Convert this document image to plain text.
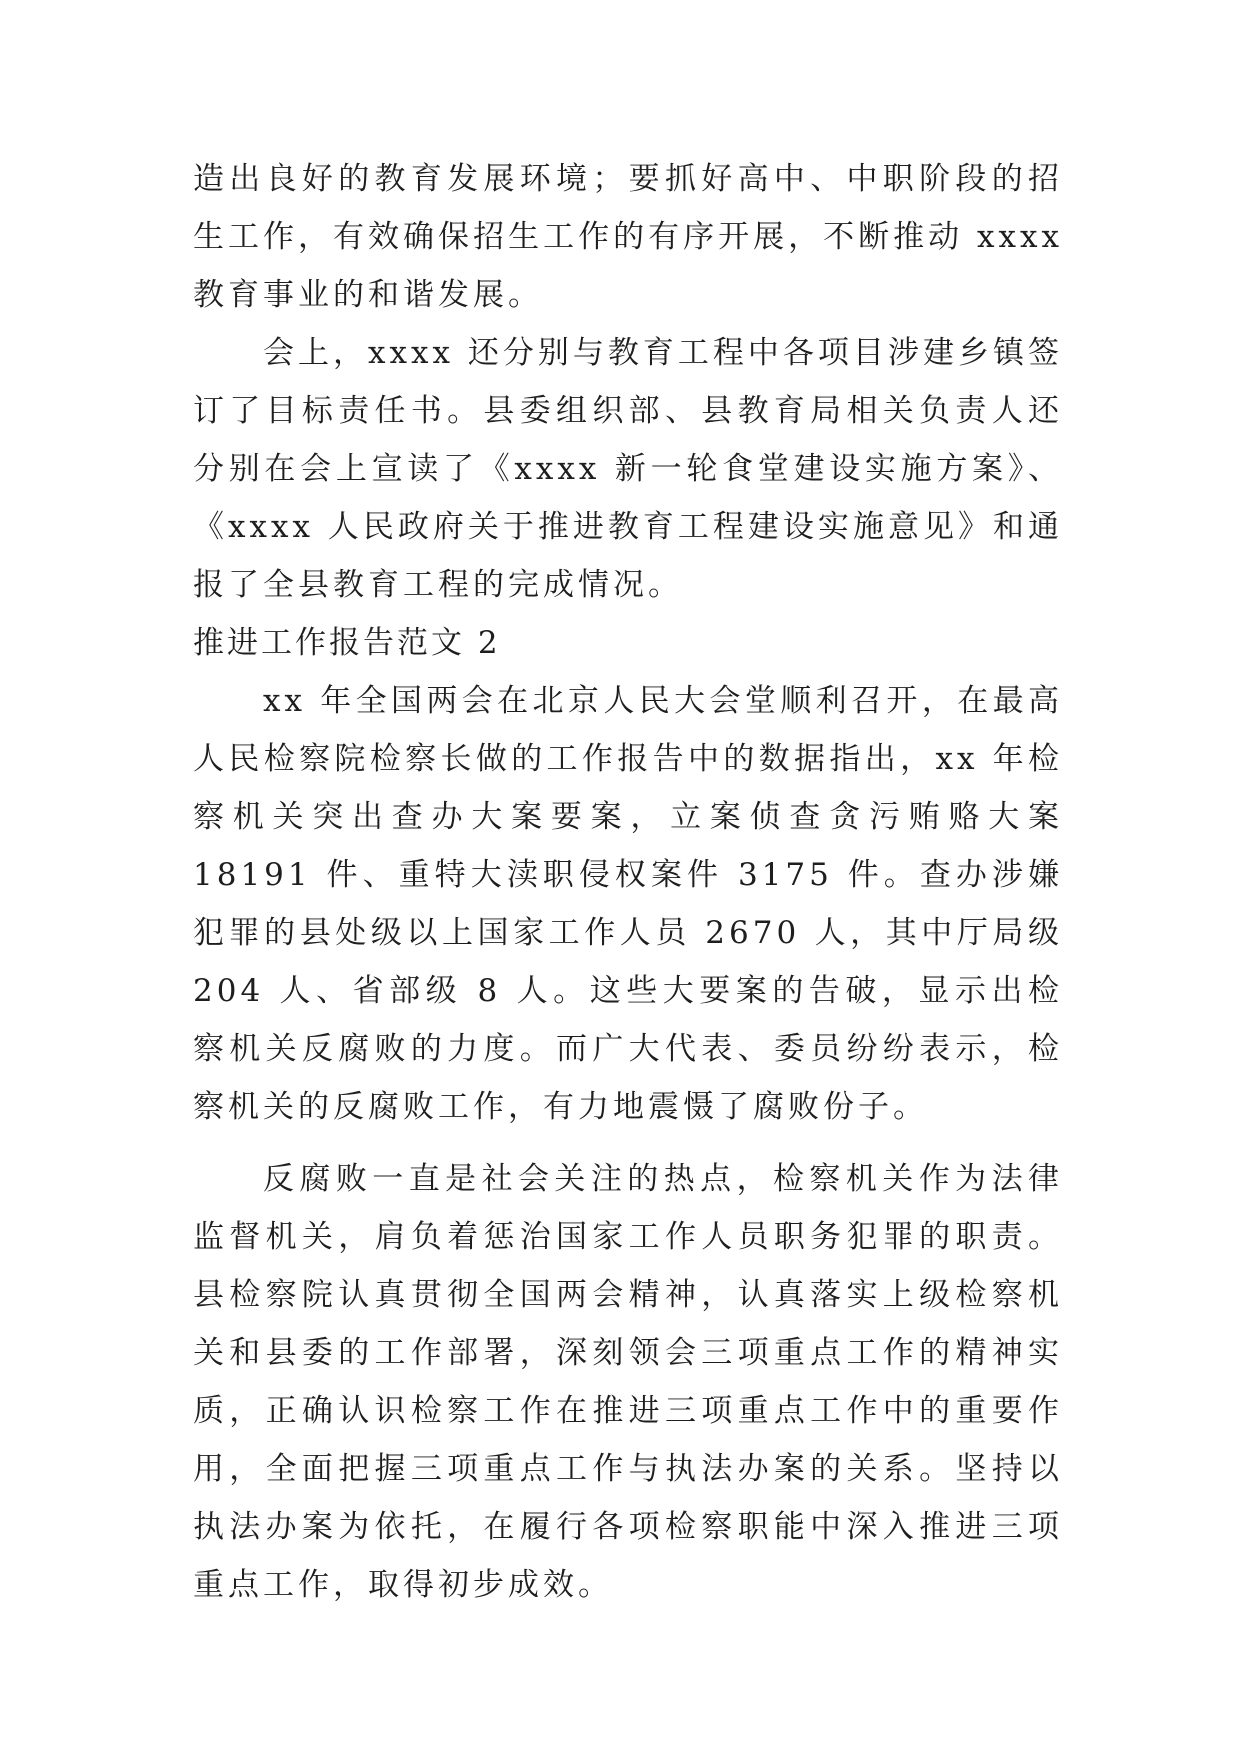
造出良好的教育发展环境；要抓好高中、中职阶段的招生工作，有效确保招生工作的有序开展，不断推动 xxxx 教育事业的和谐发展。

会上，xxxx 还分别与教育工程中各项目涉建乡镇签订了目标责任书。县委组织部、县教育局相关负责人还分别在会上宣读了《xxxx 新一轮食堂建设实施方案》、《xxxx 人民政府关于推进教育工程建设实施意见》和通报了全县教育工程的完成情况。

推进工作报告范文 2

xx 年全国两会在北京人民大会堂顺利召开，在最高人民检察院检察长做的工作报告中的数据指出，xx 年检察机关突出查办大案要案，立案侦查贪污贿赂大案 18191 件、重特大渎职侵权案件 3175 件。查办涉嫌犯罪的县处级以上国家工作人员 2670 人，其中厅局级 204 人、省部级 8 人。这些大要案的告破，显示出检察机关反腐败的力度。而广大代表、委员纷纷表示，检察机关的反腐败工作，有力地震慑了腐败份子。

反腐败一直是社会关注的热点，检察机关作为法律监督机关，肩负着惩治国家工作人员职务犯罪的职责。县检察院认真贯彻全国两会精神，认真落实上级检察机关和县委的工作部署，深刻领会三项重点工作的精神实质，正确认识检察工作在推进三项重点工作中的重要作用，全面把握三项重点工作与执法办案的关系。坚持以执法办案为依托，在履行各项检察职能中深入推进三项重点工作，取得初步成效。
